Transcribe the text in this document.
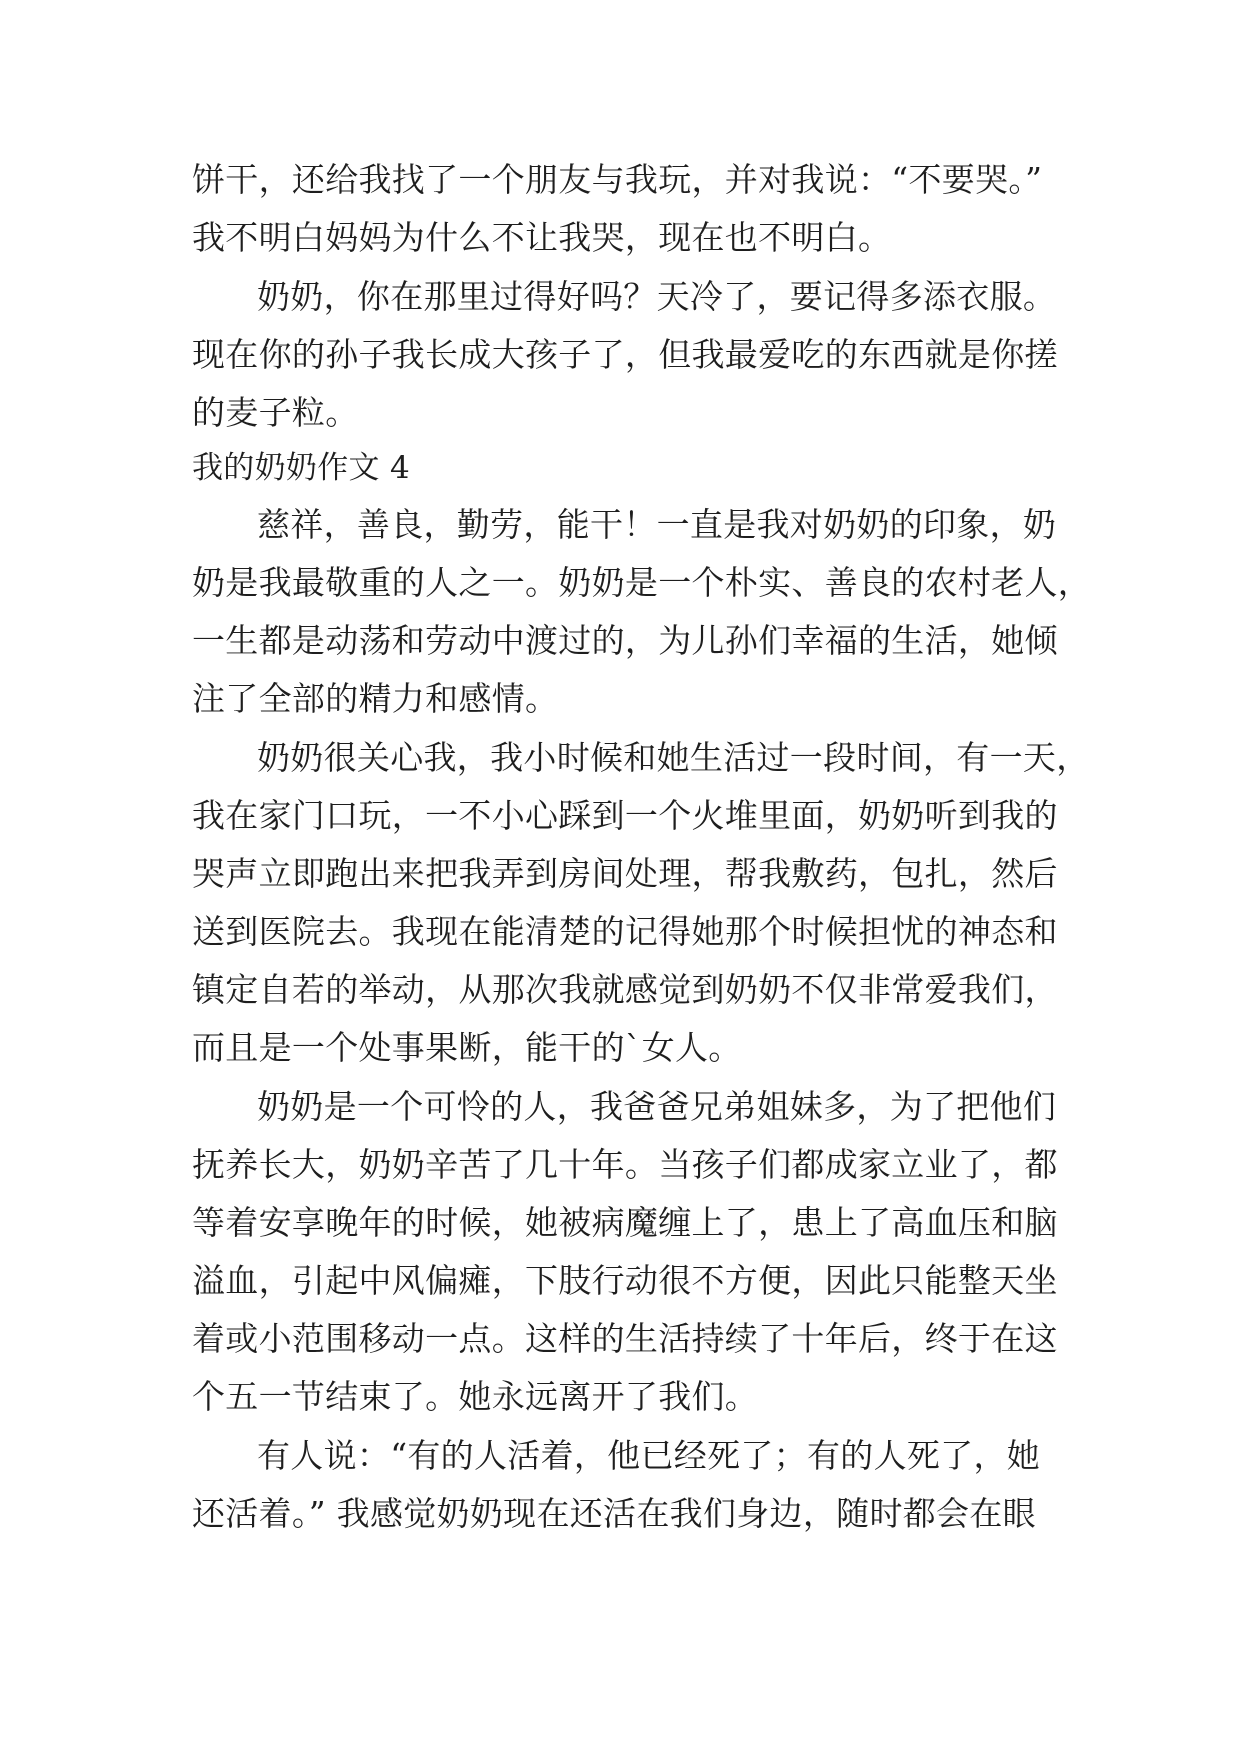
饼干，还给我找了一个朋友与我玩，并对我说：“不要哭。”
我不明白妈妈为什么不让我哭，现在也不明白。
奶奶，你在那里过得好吗？天冷了，要记得多添衣服。
现在你的孙子我长成大孩子了，但我最爱吃的东西就是你搓
的麦子粒。
我的奶奶作文 4
慈祥，善良，勤劳，能干！一直是我对奶奶的印象，奶
奶是我最敬重的人之一。奶奶是一个朴实、善良的农村老人，
一生都是动荡和劳动中渡过的，为儿孙们幸福的生活，她倾
注了全部的精力和感情。
奶奶很关心我，我小时候和她生活过一段时间，有一天，
我在家门口玩，一不小心踩到一个火堆里面，奶奶听到我的
哭声立即跑出来把我弄到房间处理，帮我敷药，包扎，然后
送到医院去。我现在能清楚的记得她那个时候担忧的神态和
镇定自若的举动，从那次我就感觉到奶奶不仅非常爱我们，
而且是一个处事果断，能干的`女人。
奶奶是一个可怜的人，我爸爸兄弟姐妹多，为了把他们
抚养长大，奶奶辛苦了几十年。当孩子们都成家立业了，都
等着安享晚年的时候，她被病魔缠上了，患上了高血压和脑
溢血，引起中风偏瘫，下肢行动很不方便，因此只能整天坐
着或小范围移动一点。这样的生活持续了十年后，终于在这
个五一节结束了。她永远离开了我们。
有人说：“有的人活着，他已经死了；有的人死了，她
还活着。” 我感觉奶奶现在还活在我们身边，随时都会在眼
